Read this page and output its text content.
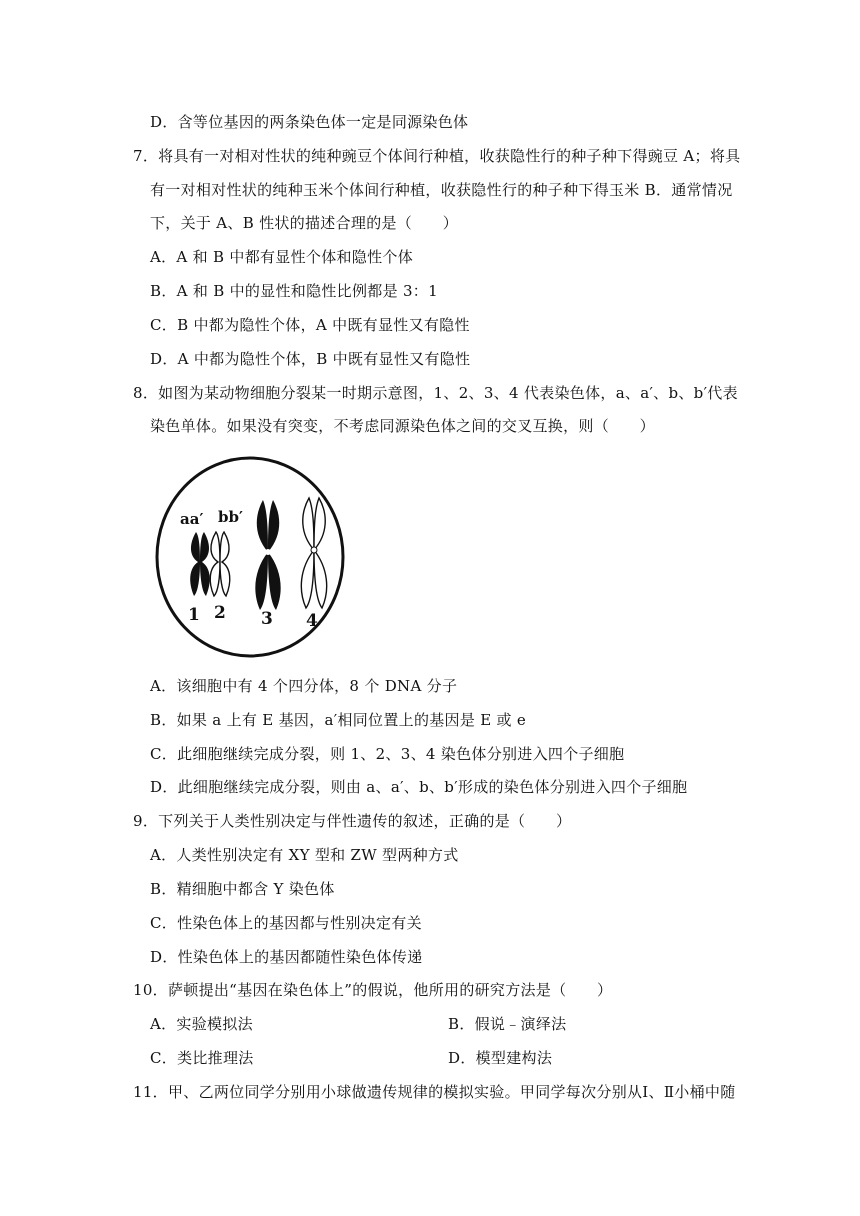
D．含等位基因的两条染色体一定是同源染色体
7．将具有一对相对性状的纯种豌豆个体间行种植，收获隐性行的种子种下得豌豆 A；将具
有一对相对性状的纯种玉米个体间行种植，收获隐性行的种子种下得玉米 B．通常情况
下，关于 A、B 性状的描述合理的是（　　）
A．A 和 B 中都有显性个体和隐性个体
B．A 和 B 中的显性和隐性比例都是 3：1
C．B 中都为隐性个体，A 中既有显性又有隐性
D．A 中都为隐性个体，B 中既有显性又有隐性
8．如图为某动物细胞分裂某一时期示意图，1、2、3、4 代表染色体，a、a′、b、b′代表
染色单体。如果没有突变，不考虑同源染色体之间的交叉互换，则（　　）
aa′ bb′
1 2 3 4
A．该细胞中有 4 个四分体，8 个 DNA 分子
B．如果 a 上有 E 基因，a′相同位置上的基因是 E 或 e
C．此细胞继续完成分裂，则 1、2、3、4 染色体分别进入四个子细胞
D．此细胞继续完成分裂，则由 a、a′、b、b′形成的染色体分别进入四个子细胞
9．下列关于人类性别决定与伴性遗传的叙述，正确的是（　　）
A．人类性别决定有 XY 型和 ZW 型两种方式
B．精细胞中都含 Y 染色体
C．性染色体上的基因都与性别决定有关
D．性染色体上的基因都随性染色体传递
10．萨顿提出“基因在染色体上”的假说，他所用的研究方法是（　　）
A．实验模拟法	B．假说﹣演绎法
C．类比推理法	D．模型建构法
11．甲、乙两位同学分别用小球做遗传规律的模拟实验。甲同学每次分别从Ⅰ、Ⅱ小桶中随
